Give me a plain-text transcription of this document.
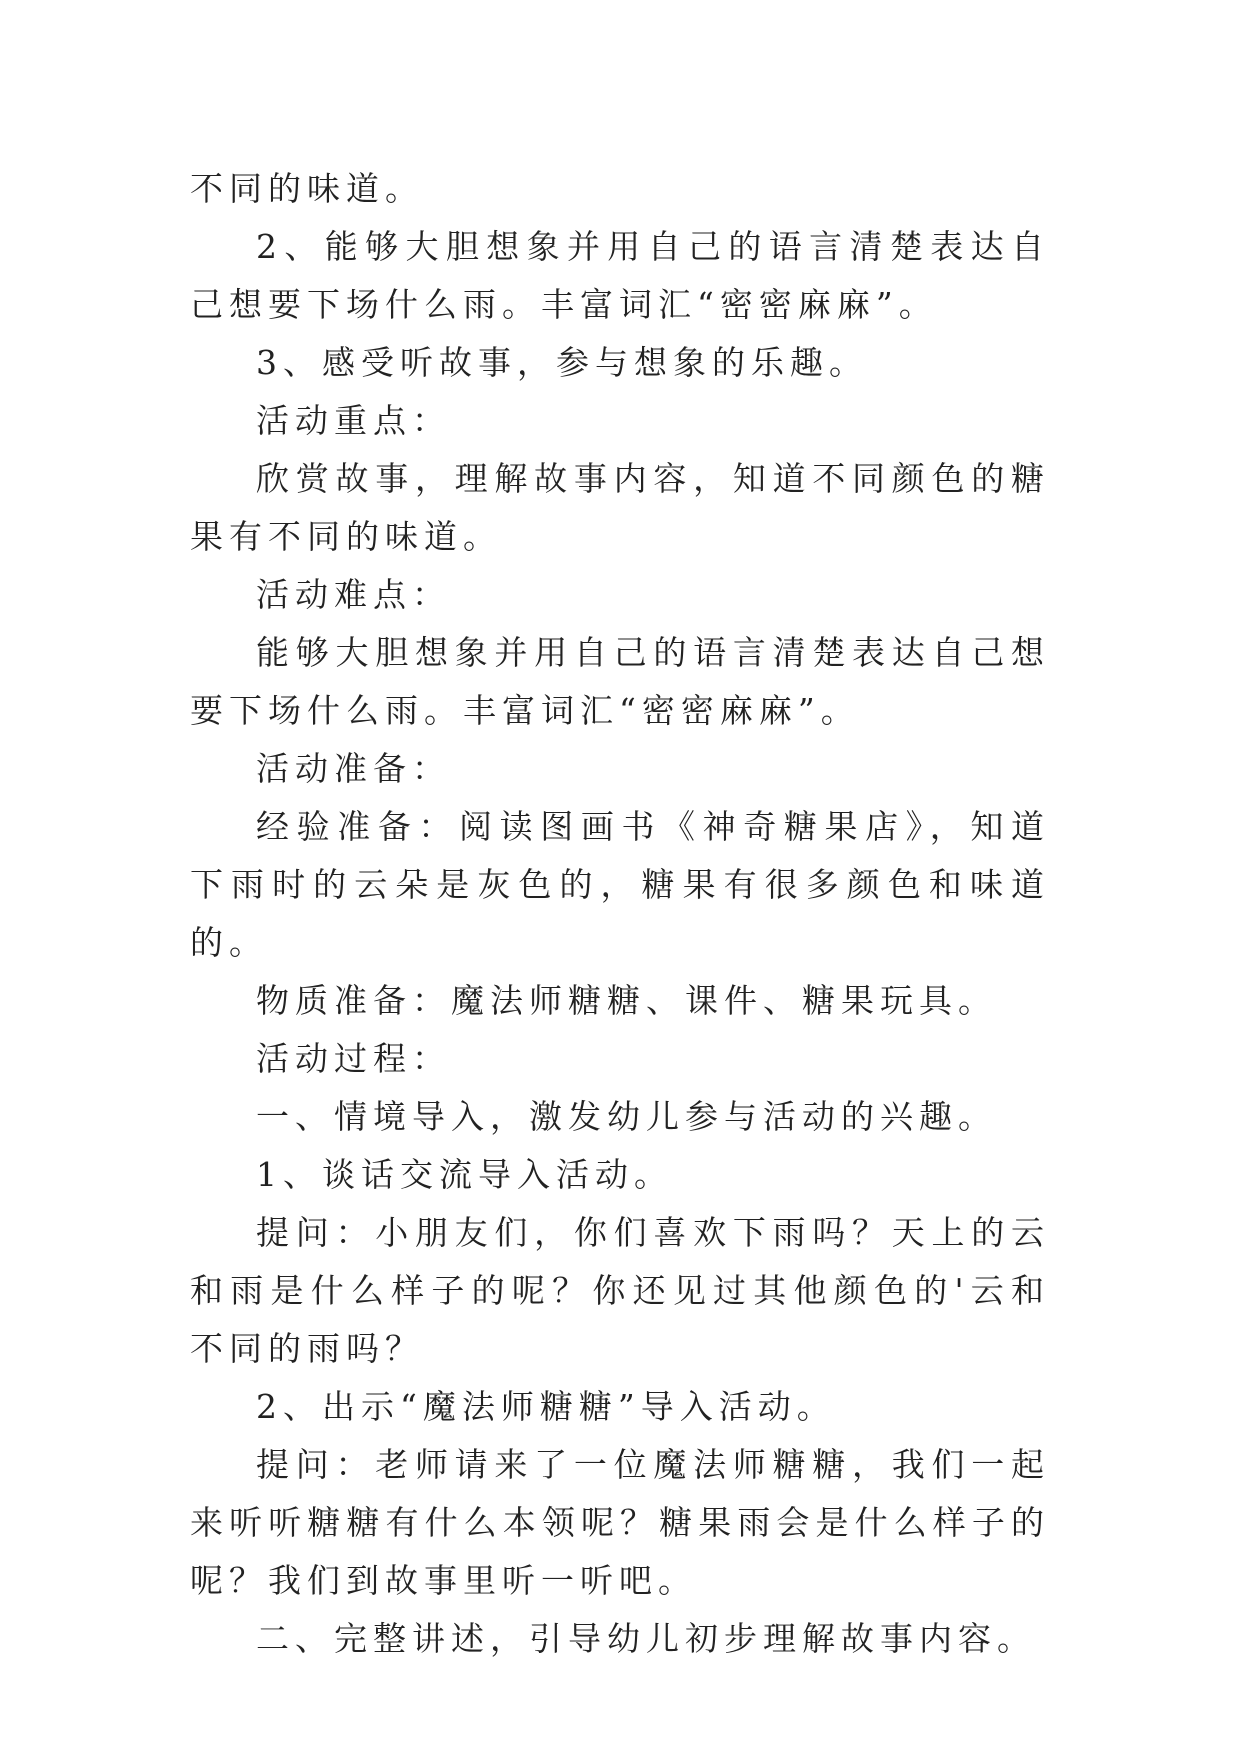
不同的味道。

2、能够大胆想象并用自己的语言清楚表达自己想要下场什么雨。丰富词汇“密密麻麻”。

3、感受听故事，参与想象的乐趣。

活动重点：

欣赏故事，理解故事内容，知道不同颜色的糖果有不同的味道。

活动难点：

能够大胆想象并用自己的语言清楚表达自己想要下场什么雨。丰富词汇“密密麻麻”。

活动准备：

经验准备：阅读图画书《神奇糖果店》，知道下雨时的云朵是灰色的，糖果有很多颜色和味道的。

物质准备：魔法师糖糖、课件、糖果玩具。

活动过程：

一、情境导入，激发幼儿参与活动的兴趣。

1、谈话交流导入活动。

提问：小朋友们，你们喜欢下雨吗？天上的云和雨是什么样子的呢？你还见过其他颜色的'云和不同的雨吗？

2、出示“魔法师糖糖”导入活动。

提问：老师请来了一位魔法师糖糖，我们一起来听听糖糖有什么本领呢？糖果雨会是什么样子的呢？我们到故事里听一听吧。

二、完整讲述，引导幼儿初步理解故事内容。
